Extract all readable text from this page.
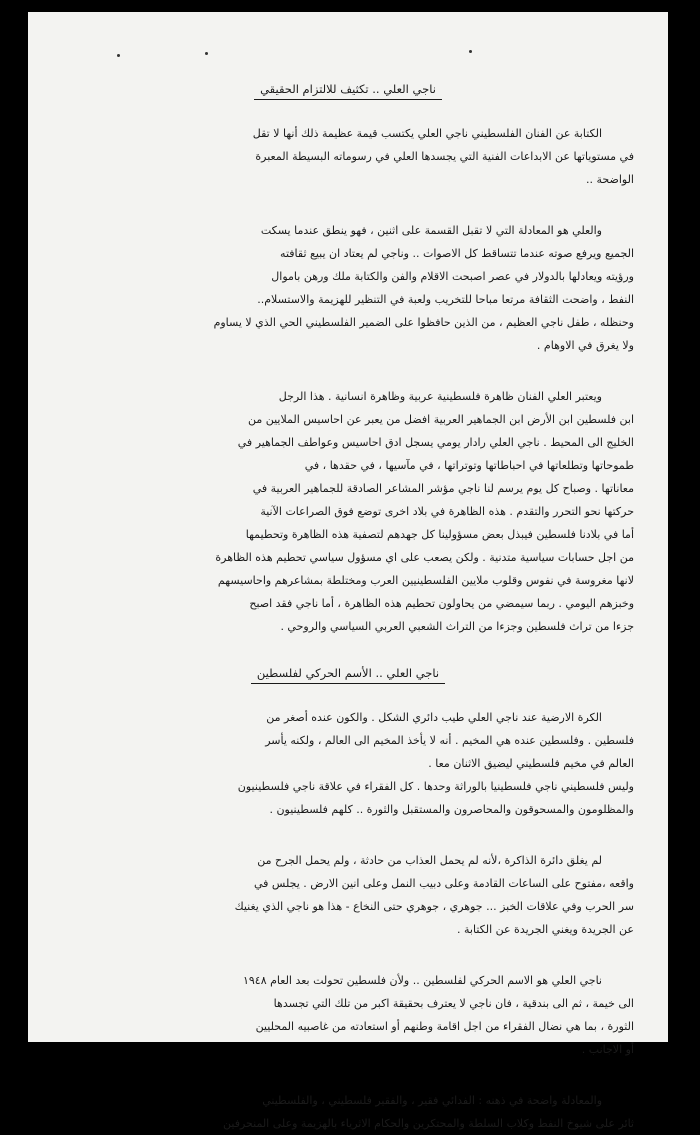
ناجي العلي .. تكثيف للالتزام الحقيقي
الكتابة عن الفنان الفلسطيني ناجي العلي يكتسب قيمة عظيمة ذلك أنها لا تقل
في مستوياتها عن الابداعات الفنية التي يجسدها العلي في رسوماته البسيطة المعبرة
الواضحة ..
والعلي هو المعادلة التي لا تقبل القسمة على اثنين ، فهو ينطق عندما يسكت
الجميع ويرفع صوته عندما تتساقط كل الاصوات .. وناجي لم يعتاد ان يبيع ثقافته
ورؤيته ويعادلها بالدولار في عصر اصبحت الاقلام والفن والكتابة ملك ورهن باموال
النفط ، واضحت الثقافة مرتعا مباحا للتخريب ولعبة في التنظير للهزيمة والاستسلام..
وحنظله ، طفل ناجي العظيم ، من الذين حافظوا على الضمير الفلسطيني الحي الذي لا يساوم
ولا يغرق في الاوهام .
ويعتبر العلي الفنان ظاهرة فلسطينية عربية وظاهرة انسانية . هذا الرجل
ابن فلسطين ابن الأرض ابن الجماهير العربية افضل من يعبر عن احاسيس الملايين من
الخليج الى المحيط . ناجي العلي رادار يومي يسجل ادق احاسيس وعواطف الجماهير في
طموحاتها وتطلعاتها في احباطاتها وتوتراتها ، في مآسيها ، في حقدها ، في
معاناتها . وصباح كل يوم يرسم لنا ناجي مؤشر المشاعر الصادقة للجماهير العربية في
حركتها نحو التحرر والتقدم . هذه الظاهرة في بلاد اخرى توضع فوق الصراعات الآنية
أما في بلادنا فلسطين فيبذل بعض مسؤولينا كل جهدهم لتصفية هذه الظاهرة وتحطيمها
من اجل حسابات سياسية متدنية . ولكن يصعب على اي مسؤول سياسي تحطيم هذه الظاهرة
لانها مغروسة في نفوس وقلوب ملايين الفلسطينيين العرب ومختلطة بمشاعرهم واحاسيسهم
وخبزهم اليومي . ربما سيمضي من يحاولون تحطيم هذه الظاهرة ، أما ناجي فقد اصبح
جزءا من تراث فلسطين وجزءا من التراث الشعبي العربي السياسي والروحي .
ناجي العلي .. الأسم الحركي لفلسطين
الكرة الارضية عند ناجي العلي طيب دائري الشكل . والكون عنده أصغر من
فلسطين . وفلسطين عنده هي المخيم . أنه لا يأخذ المخيم الى العالم ، ولكنه يأسر
العالم في مخيم فلسطيني ليضيق الاثنان معا .
وليس فلسطيني ناجي فلسطينيا بالوراثة وحدها . كل الفقراء في علاقة ناجي فلسطينيون
والمظلومون والمسحوقون والمحاصرون والمستقبل والثورة .. كلهم فلسطينيون .
لم يغلق دائرة الذاكرة ،لأنه لم يحمل العذاب من حادثة ، ولم يحمل الجرح من
واقعه ،مفتوح على الساعات القادمة وعلى دبيب النمل وعلى انين الارض . يجلس في
سر الحرب وفي علاقات الخبز ... جوهري ، جوهري حتى النخاع - هذا هو ناجي الذي يغنيك
عن الجريدة ويغني الجريدة عن الكتابة .
ناجي العلي هو الاسم الحركي لفلسطين .. ولأن فلسطين تحولت بعد العام ١٩٤٨
الى خيمة ، ثم الى بندقية ، فان ناجي لا يعترف بحقيقة اكبر من تلك التي تجسدها
الثورة ، بما هي نضال الفقراء من اجل اقامة وطنهم أو استعادته من غاصبيه المحليين
أو الاجانب .
والمعادلة واضحة في ذهنه : الفدائي فقير ، والفقير فلسطيني ، والفلسطيني
ثائر على شيوخ النفط وكلاب السلطة والمحتكرين والحكام الاثرياء بالهزيمة وعلى المنحرفين
